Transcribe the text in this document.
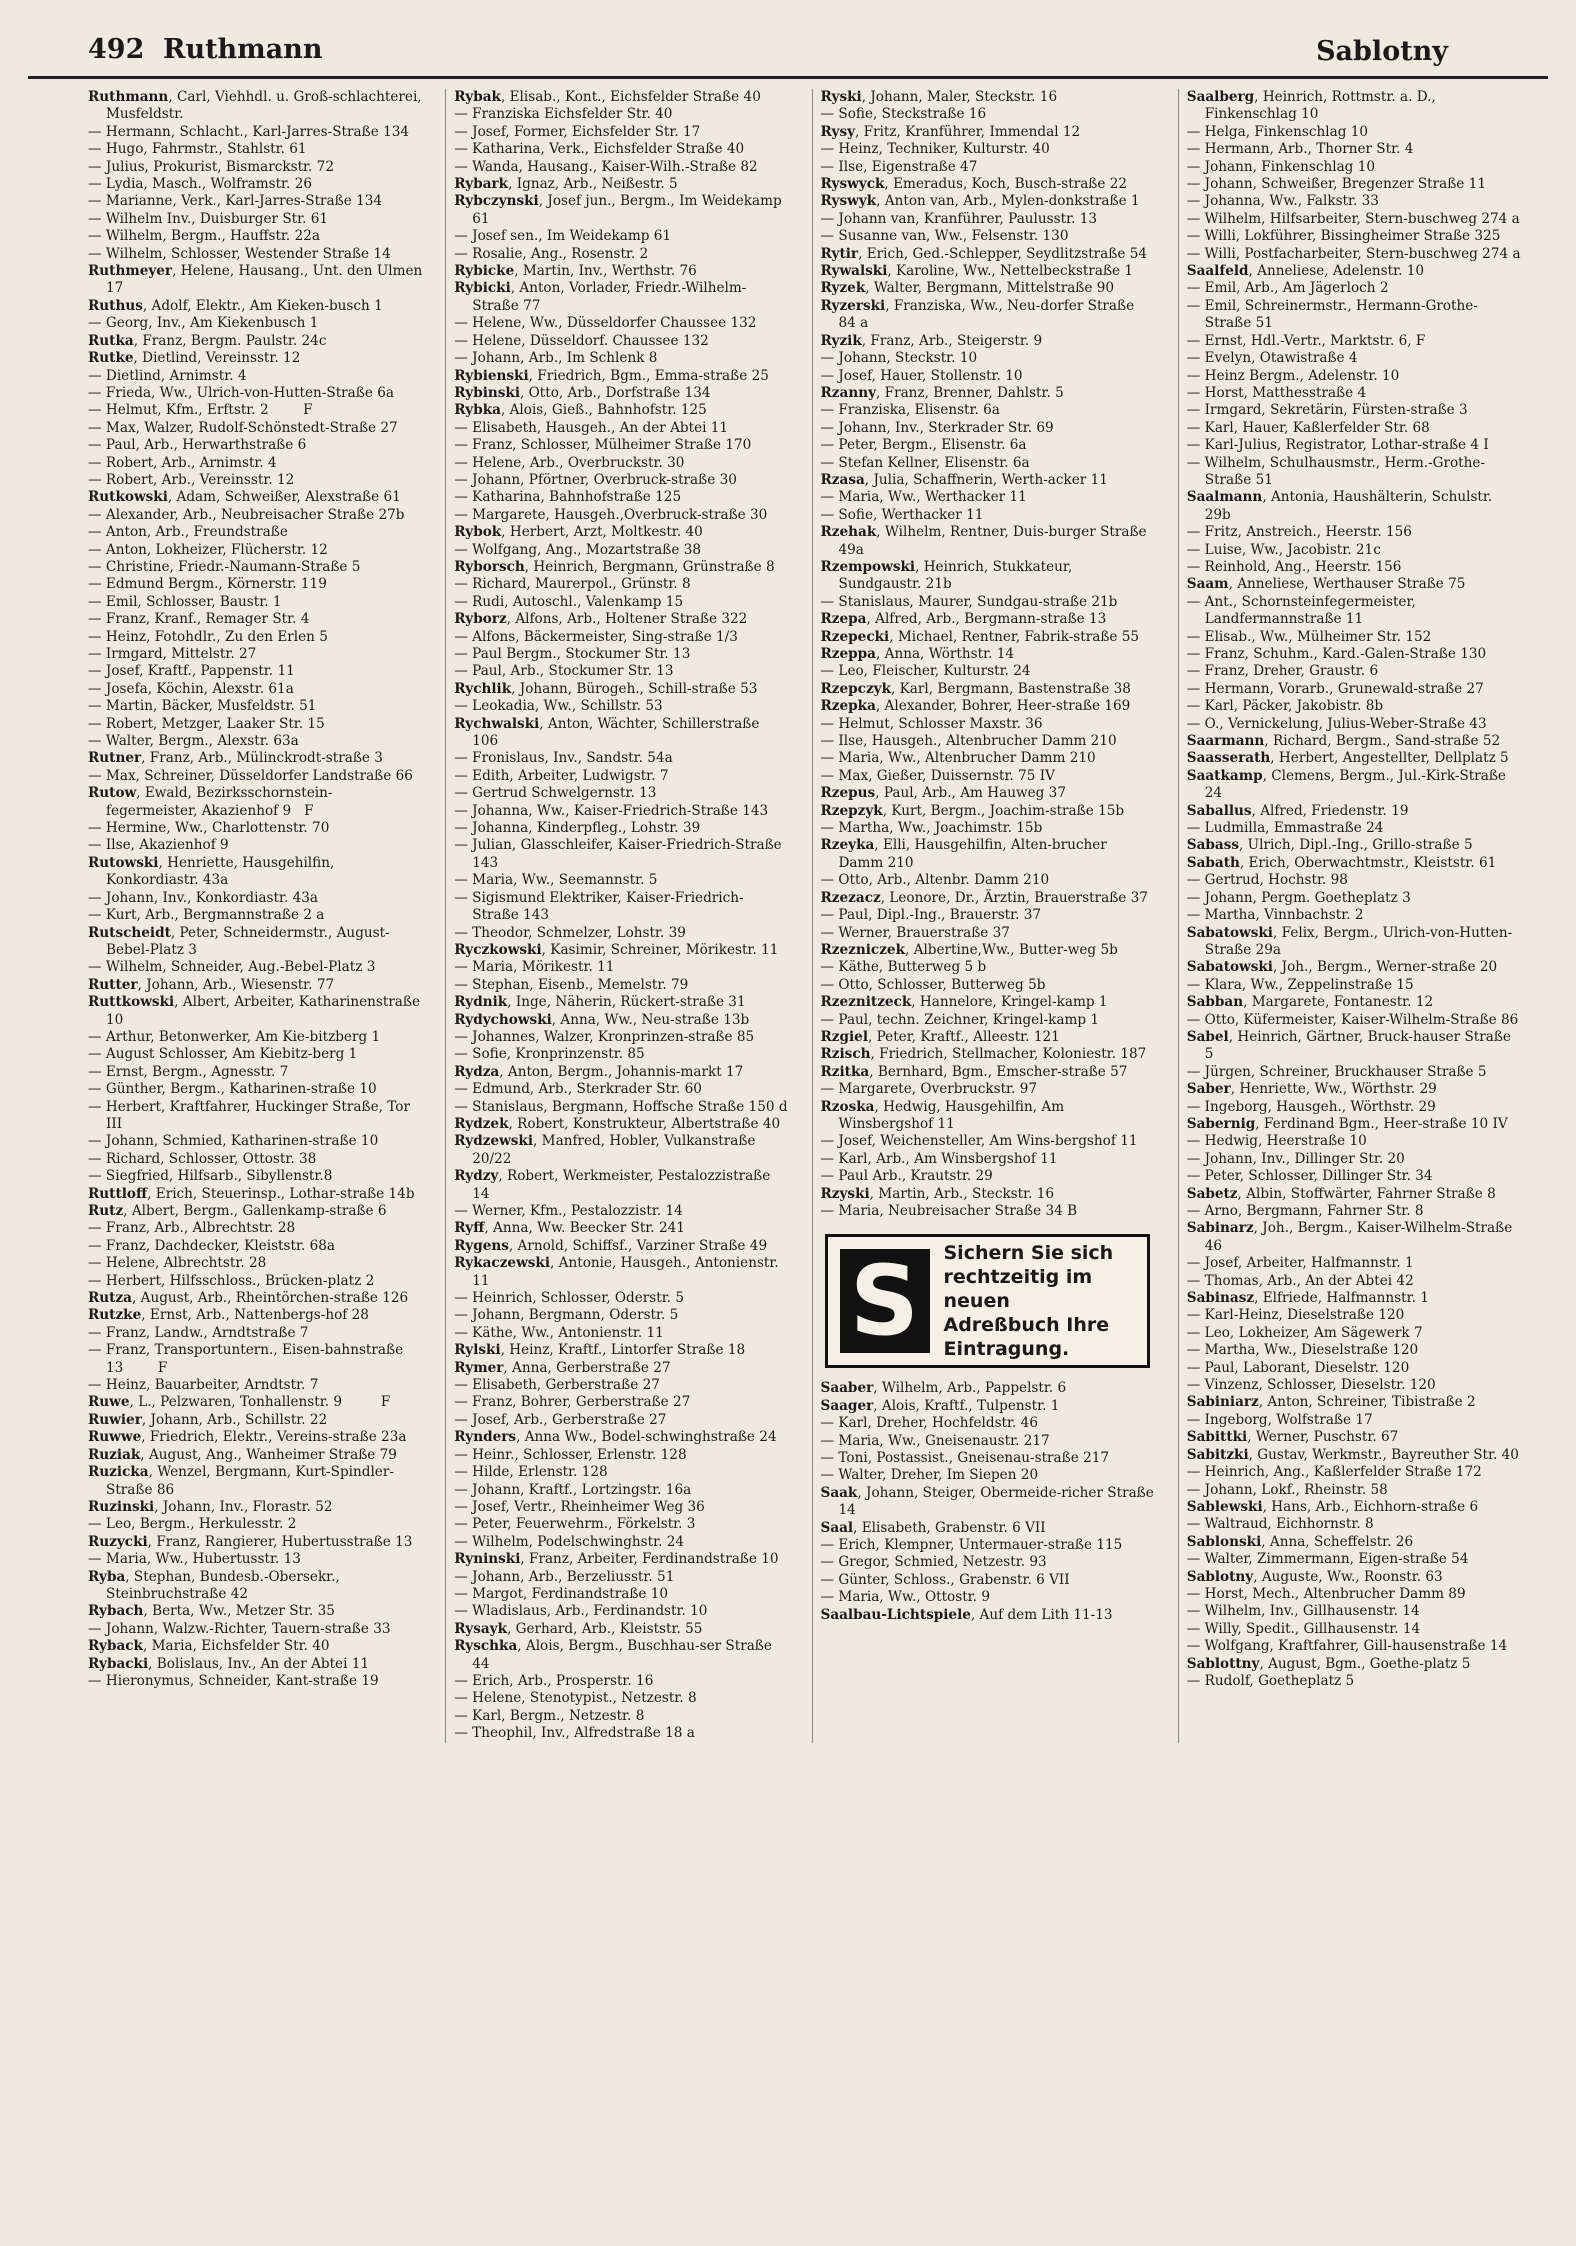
492 Ruthmann	Sablotny

Ruthmann, Carl, Viehhdl. u. Groß-schlachterei, Musfeldstr.

— Hermann, Schlacht., Karl-Jarres-Straße 134

— Hugo, Fahrmstr., Stahlstr. 61

— Julius, Prokurist, Bismarckstr. 72

— Lydia, Masch., Wolframstr. 26

— Marianne, Verk., Karl-Jarres-Straße 134

— Wilhelm Inv., Duisburger Str. 61

— Wilhelm, Bergm., Hauffstr. 22a

— Wilhelm, Schlosser, Westender Straße 14

Ruthmeyer, Helene, Hausang., Unt. den Ulmen 17

Ruthus, Adolf, Elektr., Am Kieken-busch 1

— Georg, Inv., Am Kiekenbusch 1

Rutka, Franz, Bergm. Paulstr. 24c

Rutke, Dietlind, Vereinsstr. 12

— Dietlind, Arnimstr. 4

— Frieda, Ww., Ulrich-von-Hutten-Straße 6a

— Helmut, Kfm., Erftstr. 2        F

— Max, Walzer, Rudolf-Schönstedt-Straße 27

— Paul, Arb., Herwarthstraße 6

— Robert, Arb., Arnimstr. 4

— Robert, Arb., Vereinsstr. 12

Rutkowski, Adam, Schweißer, Alexstraße 61

— Alexander, Arb., Neubreisacher Straße 27b

— Anton, Arb., Freundstraße

— Anton, Lokheizer, Flücherstr. 12

— Christine, Friedr.-Naumann-Straße 5

— Edmund Bergm., Körnerstr. 119

— Emil, Schlosser, Baustr. 1

— Franz, Kranf., Remager Str. 4

— Heinz, Fotohdlr., Zu den Erlen 5

— Irmgard, Mittelstr. 27

— Josef, Kraftf., Pappenstr. 11

— Josefa, Köchin, Alexstr. 61a

— Martin, Bäcker, Musfeldstr. 51

— Robert, Metzger, Laaker Str. 15

— Walter, Bergm., Alexstr. 63a

Rutner, Franz, Arb., Mülinckrodt-straße 3

— Max, Schreiner, Düsseldorfer Landstraße 66

Rutow, Ewald, Bezirksschornstein-fegermeister, Akazienhof 9   F

— Hermine, Ww., Charlottenstr. 70

— Ilse, Akazienhof 9

Rutowski, Henriette, Hausgehilfin, Konkordiastr. 43a

— Johann, Inv., Konkordiastr. 43a

— Kurt, Arb., Bergmannstraße 2 a

Rutscheidt, Peter, Schneidermstr., August-Bebel-Platz 3

— Wilhelm, Schneider, Aug.-Bebel-Platz 3

Rutter, Johann, Arb., Wiesenstr. 77

Ruttkowski, Albert, Arbeiter, Katharinenstraße 10

— Arthur, Betonwerker, Am Kie-bitzberg 1

— August Schlosser, Am Kiebitz-berg 1

— Ernst, Bergm., Agnesstr. 7

— Günther, Bergm., Katharinen-straße 10

— Herbert, Kraftfahrer, Huckinger Straße, Tor III

— Johann, Schmied, Katharinen-straße 10

— Richard, Schlosser, Ottostr. 38

— Siegfried, Hilfsarb., Sibyllenstr.8

Ruttloff, Erich, Steuerinsp., Lothar-straße 14b

Rutz, Albert, Bergm., Gallenkamp-straße 6

— Franz, Arb., Albrechtstr. 28

— Franz, Dachdecker, Kleiststr. 68a

— Helene, Albrechtstr. 28

— Herbert, Hilfsschloss., Brücken-platz 2

Rutza, August, Arb., Rheintörchen-straße 126

Rutzke, Ernst, Arb., Nattenbergs-hof 28

— Franz, Landw., Arndtstraße 7

— Franz, Transportuntern., Eisen-bahnstraße 13        F

— Heinz, Bauarbeiter, Arndtstr. 7

Ruwe, L., Pelzwaren, Tonhallenstr. 9         F

Ruwier, Johann, Arb., Schillstr. 22

Ruwwe, Friedrich, Elektr., Vereins-straße 23a

Ruziak, August, Ang., Wanheimer Straße 79

Ruzicka, Wenzel, Bergmann, Kurt-Spindler-Straße 86

Ruzinski, Johann, Inv., Florastr. 52

— Leo, Bergm., Herkulesstr. 2

Ruzycki, Franz, Rangierer, Hubertusstraße 13

— Maria, Ww., Hubertusstr. 13

Ryba, Stephan, Bundesb.-Obersekr., Steinbruchstraße 42

Rybach, Berta, Ww., Metzer Str. 35

— Johann, Walzw.-Richter, Tauern-straße 33

Ryback, Maria, Eichsfelder Str. 40

Rybacki, Bolislaus, Inv., An der Abtei 11

— Hieronymus, Schneider, Kant-straße 19

Rybak, Elisab., Kont., Eichsfelder Straße 40

— Franziska Eichsfelder Str. 40

— Josef, Former, Eichsfelder Str. 17

— Katharina, Verk., Eichsfelder Straße 40

— Wanda, Hausang., Kaiser-Wilh.-Straße 82

Rybark, Ignaz, Arb., Neißestr. 5

Rybczynski, Josef jun., Bergm., Im Weidekamp 61

— Josef sen., Im Weidekamp 61

— Rosalie, Ang., Rosenstr. 2

Rybicke, Martin, Inv., Werthstr. 76

Rybicki, Anton, Vorlader, Friedr.-Wilhelm-Straße 77

— Helene, Ww., Düsseldorfer Chaussee 132

— Helene, Düsseldorf. Chaussee 132

— Johann, Arb., Im Schlenk 8

Rybienski, Friedrich, Bgm., Emma-straße 25

Rybinski, Otto, Arb., Dorfstraße 134

Rybka, Alois, Gieß., Bahnhofstr. 125

— Elisabeth, Hausgeh., An der Abtei 11

— Franz, Schlosser, Mülheimer Straße 170

— Helene, Arb., Overbruckstr. 30

— Johann, Pförtner, Overbruck-straße 30

— Katharina, Bahnhofstraße 125

— Margarete, Hausgeh.,Overbruck-straße 30

Rybok, Herbert, Arzt, Moltkestr. 40

— Wolfgang, Ang., Mozartstraße 38

Ryborsch, Heinrich, Bergmann, Grünstraße 8

— Richard, Maurerpol., Grünstr. 8

— Rudi, Autoschl., Valenkamp 15

Ryborz, Alfons, Arb., Holtener Straße 322

— Alfons, Bäckermeister, Sing-straße 1/3

— Paul Bergm., Stockumer Str. 13

— Paul, Arb., Stockumer Str. 13

Rychlik, Johann, Bürogeh., Schill-straße 53

— Leokadia, Ww., Schillstr. 53

Rychwalski, Anton, Wächter, Schillerstraße 106

— Fronislaus, Inv., Sandstr. 54a

— Edith, Arbeiter, Ludwigstr. 7

— Gertrud Schwelgernstr. 13

— Johanna, Ww., Kaiser-Friedrich-Straße 143

— Johanna, Kinderpfleg., Lohstr. 39

— Julian, Glasschleifer, Kaiser-Friedrich-Straße 143

— Maria, Ww., Seemannstr. 5

— Sigismund Elektriker, Kaiser-Friedrich-Straße 143

— Theodor, Schmelzer, Lohstr. 39

Ryczkowski, Kasimir, Schreiner, Mörikestr. 11

— Maria, Mörikestr. 11

— Stephan, Eisenb., Memelstr. 79

Rydnik, Inge, Näherin, Rückert-straße 31

Rydychowski, Anna, Ww., Neu-straße 13b

— Johannes, Walzer, Kronprinzen-straße 85

— Sofie, Kronprinzenstr. 85

Rydza, Anton, Bergm., Johannis-markt 17

— Edmund, Arb., Sterkrader Str. 60

— Stanislaus, Bergmann, Hoffsche Straße 150 d

Rydzek, Robert, Konstrukteur, Albertstraße 40

Rydzewski, Manfred, Hobler, Vulkanstraße 20/22

Rydzy, Robert, Werkmeister, Pestalozzistraße 14

— Werner, Kfm., Pestalozzistr. 14

Ryff, Anna, Ww. Beecker Str. 241

Rygens, Arnold, Schiffsf., Varziner Straße 49

Rykaczewski, Antonie, Hausgeh., Antonienstr. 11

— Heinrich, Schlosser, Oderstr. 5

— Johann, Bergmann, Oderstr. 5

— Käthe, Ww., Antonienstr. 11

Rylski, Heinz, Kraftf., Lintorfer Straße 18

Rymer, Anna, Gerberstraße 27

— Elisabeth, Gerberstraße 27

— Franz, Bohrer, Gerberstraße 27

— Josef, Arb., Gerberstraße 27

Rynders, Anna Ww., Bodel-schwinghstraße 24

— Heinr., Schlosser, Erlenstr. 128

— Hilde, Erlenstr. 128

— Johann, Kraftf., Lortzingstr. 16a

— Josef, Vertr., Rheinheimer Weg 36

— Peter, Feuerwehrm., Förkelstr. 3

— Wilhelm, Podelschwinghstr. 24

Ryninski, Franz, Arbeiter, Ferdinandstraße 10

— Johann, Arb., Berzeliusstr. 51

— Margot, Ferdinandstraße 10

— Wladislaus, Arb., Ferdinandstr. 10

Rysayk, Gerhard, Arb., Kleiststr. 55

Ryschka, Alois, Bergm., Buschhau-ser Straße 44

— Erich, Arb., Prosperstr. 16

— Helene, Stenotypist., Netzestr. 8

— Karl, Bergm., Netzestr. 8

— Theophil, Inv., Alfredstraße 18 a

Ryski, Johann, Maler, Steckstr. 16

— Sofie, Steckstraße 16

Rysy, Fritz, Kranführer, Immendal 12

— Heinz, Techniker, Kulturstr. 40

— Ilse, Eigenstraße 47

Ryswyck, Emeradus, Koch, Busch-straße 22

Ryswyk, Anton van, Arb., Mylen-donkstraße 1

— Johann van, Kranführer, Paulusstr. 13

— Susanne van, Ww., Felsenstr. 130

Rytir, Erich, Ged.-Schlepper, Seydlitzstraße 54

Rywalski, Karoline, Ww., Nettelbeckstraße 1

Ryzek, Walter, Bergmann, Mittelstraße 90

Ryzerski, Franziska, Ww., Neu-dorfer Straße 84 a

Ryzik, Franz, Arb., Steigerstr. 9

— Johann, Steckstr. 10

— Josef, Hauer, Stollenstr. 10

Rzanny, Franz, Brenner, Dahlstr. 5

— Franziska, Elisenstr. 6a

— Johann, Inv., Sterkrader Str. 69

— Peter, Bergm., Elisenstr. 6a

— Stefan Kellner, Elisenstr. 6a

Rzasa, Julia, Schaffnerin, Werth-acker 11

— Maria, Ww., Werthacker 11

— Sofie, Werthacker 11

Rzehak, Wilhelm, Rentner, Duis-burger Straße 49a

Rzempowski, Heinrich, Stukkateur, Sundgaustr. 21b

— Stanislaus, Maurer, Sundgau-straße 21b

Rzepa, Alfred, Arb., Bergmann-straße 13

Rzepecki, Michael, Rentner, Fabrik-straße 55

Rzeppa, Anna, Wörthstr. 14

— Leo, Fleischer, Kulturstr. 24

Rzepczyk, Karl, Bergmann, Bastenstraße 38

Rzepka, Alexander, Bohrer, Heer-straße 169

— Helmut, Schlosser Maxstr. 36

— Ilse, Hausgeh., Altenbrucher Damm 210

— Maria, Ww., Altenbrucher Damm 210

— Max, Gießer, Duissernstr. 75 IV

Rzepus, Paul, Arb., Am Hauweg 37

Rzepzyk, Kurt, Bergm., Joachim-straße 15b

— Martha, Ww., Joachimstr. 15b

Rzeyka, Elli, Hausgehilfin, Alten-brucher Damm 210

— Otto, Arb., Altenbr. Damm 210

Rzezacz, Leonore, Dr., Ärztin, Brauerstraße 37

— Paul, Dipl.-Ing., Brauerstr. 37

— Werner, Brauerstraße 37

Rzezniczek, Albertine,Ww., Butter-weg 5b

— Käthe, Butterweg 5 b

— Otto, Schlosser, Butterweg 5b

Rzeznitzeck, Hannelore, Kringel-kamp 1

— Paul, techn. Zeichner, Kringel-kamp 1

Rzgiel, Peter, Kraftf., Alleestr. 121

Rzisch, Friedrich, Stellmacher, Koloniestr. 187

Rzitka, Bernhard, Bgm., Emscher-straße 57

— Margarete, Overbruckstr. 97

Rzoska, Hedwig, Hausgehilfin, Am Winsbergshof 11

— Josef, Weichensteller, Am Wins-bergshof 11

— Karl, Arb., Am Winsbergshof 11

— Paul Arb., Krautstr. 29

Rzyski, Martin, Arb., Steckstr. 16

— Maria, Neubreisacher Straße 34 B

S	Sichern Sie sich
rechtzeitig im neuen
Adreßbuch Ihre
Eintragung.

Saaber, Wilhelm, Arb., Pappelstr. 6

Saager, Alois, Kraftf., Tulpenstr. 1

— Karl, Dreher, Hochfeldstr. 46

— Maria, Ww., Gneisenaustr. 217

— Toni, Postassist., Gneisenau-straße 217

— Walter, Dreher, Im Siepen 20

Saak, Johann, Steiger, Obermeide-richer Straße 14

Saal, Elisabeth, Grabenstr. 6 VII

— Erich, Klempner, Untermauer-straße 115

— Gregor, Schmied, Netzestr. 93

— Günter, Schloss., Grabenstr. 6 VII

— Maria, Ww., Ottostr. 9

Saalbau-Lichtspiele, Auf dem Lith 11-13

Saalberg, Heinrich, Rottmstr. a. D., Finkenschlag 10

— Helga, Finkenschlag 10

— Hermann, Arb., Thorner Str. 4

— Johann, Finkenschlag 10

— Johann, Schweißer, Bregenzer Straße 11

— Johanna, Ww., Falkstr. 33

— Wilhelm, Hilfsarbeiter, Stern-buschweg 274 a

— Willi, Lokführer, Bissingheimer Straße 325

— Willi, Postfacharbeiter, Stern-buschweg 274 a

Saalfeld, Anneliese, Adelenstr. 10

— Emil, Arb., Am Jägerloch 2

— Emil, Schreinermstr., Hermann-Grothe-Straße 51

— Ernst, Hdl.-Vertr., Marktstr. 6, F

— Evelyn, Otawistraße 4

— Heinz Bergm., Adelenstr. 10

— Horst, Matthesstraße 4

— Irmgard, Sekretärin, Fürsten-straße 3

— Karl, Hauer, Kaßlerfelder Str. 68

— Karl-Julius, Registrator, Lothar-straße 4 I

— Wilhelm, Schulhausmstr., Herm.-Grothe-Straße 51

Saalmann, Antonia, Haushälterin, Schulstr. 29b

— Fritz, Anstreich., Heerstr. 156

— Luise, Ww., Jacobistr. 21c

— Reinhold, Ang., Heerstr. 156

Saam, Anneliese, Werthauser Straße 75

— Ant., Schornsteinfegermeister, Landfermannstraße 11

— Elisab., Ww., Mülheimer Str. 152

— Franz, Schuhm., Kard.-Galen-Straße 130

— Franz, Dreher, Graustr. 6

— Hermann, Vorarb., Grunewald-straße 27

— Karl, Päcker, Jakobistr. 8b

— O., Vernickelung, Julius-Weber-Straße 43

Saarmann, Richard, Bergm., Sand-straße 52

Saasserath, Herbert, Angestellter, Dellplatz 5

Saatkamp, Clemens, Bergm., Jul.-Kirk-Straße 24

Saballus, Alfred, Friedenstr. 19

— Ludmilla, Emmastraße 24

Sabass, Ulrich, Dipl.-Ing., Grillo-straße 5

Sabath, Erich, Oberwachtmstr., Kleiststr. 61

— Gertrud, Hochstr. 98

— Johann, Pergm. Goetheplatz 3

— Martha, Vinnbachstr. 2

Sabatowski, Felix, Bergm., Ulrich-von-Hutten-Straße 29a

Sabatowski, Joh., Bergm., Werner-straße 20

— Klara, Ww., Zeppelinstraße 15

Sabban, Margarete, Fontanestr. 12

— Otto, Küfermeister, Kaiser-Wilhelm-Straße 86

Sabel, Heinrich, Gärtner, Bruck-hauser Straße 5

— Jürgen, Schreiner, Bruckhauser Straße 5

Saber, Henriette, Ww., Wörthstr. 29

— Ingeborg, Hausgeh., Wörthstr. 29

Sabernig, Ferdinand Bgm., Heer-straße 10 IV

— Hedwig, Heerstraße 10

— Johann, Inv., Dillinger Str. 20

— Peter, Schlosser, Dillinger Str. 34

Sabetz, Albin, Stoffwärter, Fahrner Straße 8

— Arno, Bergmann, Fahrner Str. 8

Sabinarz, Joh., Bergm., Kaiser-Wilhelm-Straße 46

— Josef, Arbeiter, Halfmannstr. 1

— Thomas, Arb., An der Abtei 42

Sabinasz, Elfriede, Halfmannstr. 1

— Karl-Heinz, Dieselstraße 120

— Leo, Lokheizer, Am Sägewerk 7

— Martha, Ww., Dieselstraße 120

— Paul, Laborant, Dieselstr. 120

— Vinzenz, Schlosser, Dieselstr. 120

Sabiniarz, Anton, Schreiner, Tibistraße 2

— Ingeborg, Wolfstraße 17

Sabittki, Werner, Puschstr. 67

Sabitzki, Gustav, Werkmstr., Bayreuther Str. 40

— Heinrich, Ang., Kaßlerfelder Straße 172

— Johann, Lokf., Rheinstr. 58

Sablewski, Hans, Arb., Eichhorn-straße 6

— Waltraud, Eichhornstr. 8

Sablonski, Anna, Scheffelstr. 26

— Walter, Zimmermann, Eigen-straße 54

Sablotny, Auguste, Ww., Roonstr. 63

— Horst, Mech., Altenbrucher Damm 89

— Wilhelm, Inv., Gillhausenstr. 14

— Willy, Spedit., Gillhausenstr. 14

— Wolfgang, Kraftfahrer, Gill-hausenstraße 14

Sablottny, August, Bgm., Goethe-platz 5

— Rudolf, Goetheplatz 5
